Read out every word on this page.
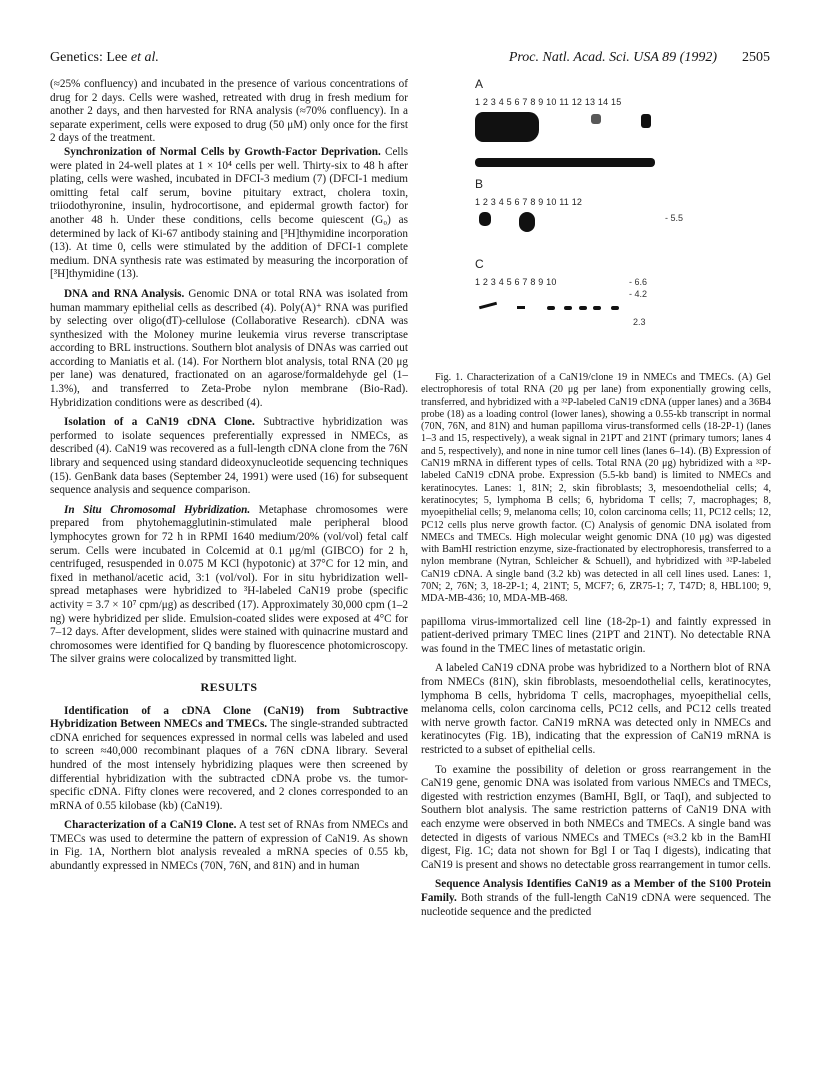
Genetics: Lee et al.	Proc. Natl. Acad. Sci. USA 89 (1992) 2505

(≈25% confluency) and incubated in the presence of various concentrations of drug for 2 days. Cells were washed, retreated with drug in fresh medium for another 2 days, and then harvested for RNA analysis (≈70% confluency). In a separate experiment, cells were exposed to drug (50 μM) only once for the first 2 days of the treatment.

Synchronization of Normal Cells by Growth-Factor Deprivation. Cells were plated in 24-well plates at 1 × 10⁴ cells per well. Thirty-six to 48 h after plating, cells were washed, incubated in DFCI-3 medium (7) (DFCI-1 medium omitting fetal calf serum, bovine pituitary extract, cholera toxin, triiodothyronine, insulin, hydrocortisone, and epidermal growth factor) for another 48 h. Under these conditions, cells become quiescent (G₀) as determined by lack of Ki-67 antibody staining and [³H]thymidine incorporation (13). At time 0, cells were stimulated by the addition of DFCI-1 complete medium. DNA synthesis rate was estimated by measuring the incorporation of [³H]thymidine (13).

DNA and RNA Analysis. Genomic DNA or total RNA was isolated from human mammary epithelial cells as described (4). Poly(A)⁺ RNA was purified by selecting over oligo(dT)-cellulose (Collaborative Research). cDNA was synthesized with the Moloney murine leukemia virus reverse transcriptase according to BRL instructions. Southern blot analysis of DNAs was carried out according to Maniatis et al. (14). For Northern blot analysis, total RNA (20 μg per lane) was denatured, fractionated on an agarose/formaldehyde gel (1–1.3%), and transferred to Zeta-Probe nylon membrane (Bio-Rad). Hybridization conditions were as described (4).

Isolation of a CaN19 cDNA Clone. Subtractive hybridization was performed to isolate sequences preferentially expressed in NMECs, as described (4). CaN19 was recovered as a full-length cDNA clone from the 76N library and sequenced using standard dideoxynucleotide sequencing techniques (15). GenBank data bases (September 24, 1991) were used (16) for subsequent sequence analysis and sequence comparison.

In Situ Chromosomal Hybridization. Metaphase chromosomes were prepared from phytohemagglutinin-stimulated male peripheral blood lymphocytes grown for 72 h in RPMI 1640 medium/20% (vol/vol) fetal calf serum. Cells were incubated in Colcemid at 0.1 μg/ml (GIBCO) for 2 h, centrifuged, resuspended in 0.075 M KCl (hypotonic) at 37°C for 12 min, and fixed in methanol/acetic acid, 3:1 (vol/vol). For in situ hybridization well-spread metaphases were hybridized to ³H-labeled CaN19 probe (specific activity = 3.7 × 10⁷ cpm/μg) as described (17). Approximately 30,000 cpm (1–2 ng) were hybridized per slide. Emulsion-coated slides were exposed at 4°C for 7–12 days. After development, slides were stained with quinacrine mustard and chromosomes were identified for Q banding by fluorescence photomicroscopy. The silver grains were colocalized by transmitted light.

RESULTS

Identification of a cDNA Clone (CaN19) from Subtractive Hybridization Between NMECs and TMECs. The single-stranded subtracted cDNA enriched for sequences expressed in normal cells was labeled and used to screen ≈40,000 recombinant plaques of a 76N cDNA library. Several hundred of the most intensely hybridizing plaques were then screened by differential hybridization with the subtracted cDNA probe vs. the tumor-specific cDNA. Fifty clones were recovered, and 2 clones corresponded to an mRNA of 0.55 kilobase (kb) (CaN19).

Characterization of a CaN19 Clone. A test set of RNAs from NMECs and TMECs was used to determine the pattern of expression of CaN19. As shown in Fig. 1A, Northern blot analysis revealed a mRNA species of 0.55 kb, abundantly expressed in NMECs (70N, 76N, and 81N) and in human

A
1 2 3 4 5 6 7 8 9 10 11 12 13 14 15
B
1 2 3 4 5 6 7 8 9 10 11 12
- 5.5
C
1 2 3 4 5 6 7 8 9 10	- 6.6
- 4.2
2.3

Fig. 1. Characterization of a CaN19/clone 19 in NMECs and TMECs. (A) Gel electrophoresis of total RNA (20 μg per lane) from exponentially growing cells, transferred, and hybridized with a ³²P-labeled CaN19 cDNA (upper lanes) and a 36B4 probe (18) as a loading control (lower lanes), showing a 0.55-kb transcript in normal (70N, 76N, and 81N) and human papilloma virus-transformed cells (18-2P-1) (lanes 1–3 and 15, respectively), a weak signal in 21PT and 21NT (primary tumors; lanes 4 and 5, respectively), and none in nine tumor cell lines (lanes 6–14). (B) Expression of CaN19 mRNA in different types of cells. Total RNA (20 μg) hybridized with a ³²P-labeled CaN19 cDNA probe. Expression (5.5-kb band) is limited to NMECs and keratinocytes. Lanes: 1, 81N; 2, skin fibroblasts; 3, mesoendothelial cells; 4, keratinocytes; 5, lymphoma B cells; 6, hybridoma T cells; 7, macrophages; 8, myoepithelial cells; 9, melanoma cells; 10, colon carcinoma cells; 11, PC12 cells; 12, PC12 cells plus nerve growth factor. (C) Analysis of genomic DNA isolated from NMECs and TMECs. High molecular weight genomic DNA (10 μg) was digested with BamHI restriction enzyme, size-fractionated by electrophoresis, transferred to a nylon membrane (Nytran, Schleicher & Schuell), and hybridized with ³²P-labeled CaN19 cDNA. A single band (3.2 kb) was detected in all cell lines used. Lanes: 1, 70N; 2, 76N; 3, 18-2P-1; 4, 21NT; 5, MCF7; 6, ZR75-1; 7, T47D; 8, HBL100; 9, MDA-MB-436; 10, MDA-MB-468.

papilloma virus-immortalized cell line (18-2p-1) and faintly expressed in patient-derived primary TMEC lines (21PT and 21NT). No detectable RNA was found in the TMEC lines of metastatic origin.

A labeled CaN19 cDNA probe was hybridized to a Northern blot of RNA from NMECs (81N), skin fibroblasts, mesoendothelial cells, keratinocytes, lymphoma B cells, hybridoma T cells, macrophages, myoepithelial cells, melanoma cells, colon carcinoma cells, PC12 cells, and PC12 cells treated with nerve growth factor. CaN19 mRNA was detected only in NMECs and keratinocytes (Fig. 1B), indicating that the expression of CaN19 mRNA is restricted to a subset of epithelial cells.

To examine the possibility of deletion or gross rearrangement in the CaN19 gene, genomic DNA was isolated from various NMECs and TMECs, digested with restriction enzymes (BamHI, BglI, or TaqI), and subjected to Southern blot analysis. The same restriction patterns of CaN19 DNA with each enzyme were observed in both NMECs and TMECs. A single band was detected in digests of various NMECs and TMECs (≈3.2 kb in the BamHI digest, Fig. 1C; data not shown for Bgl I or Taq I digests), indicating that CaN19 is present and shows no detectable gross rearrangement in tumor cells.

Sequence Analysis Identifies CaN19 as a Member of the S100 Protein Family. Both strands of the full-length CaN19 cDNA were sequenced. The nucleotide sequence and the predicted
